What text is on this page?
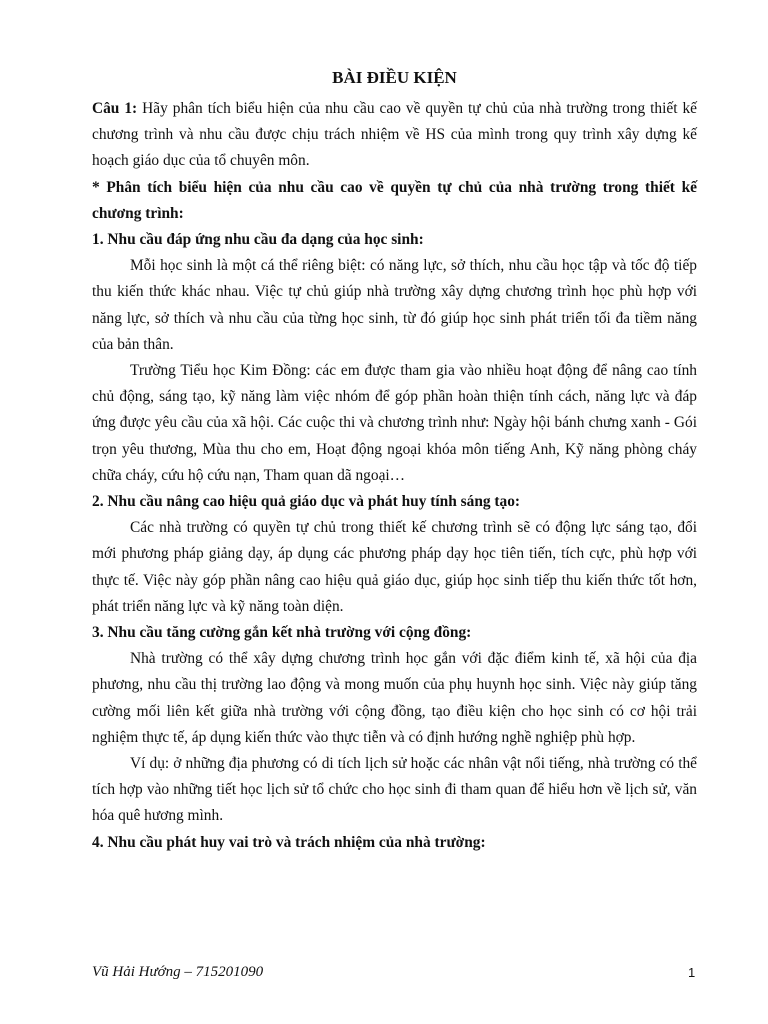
BÀI ĐIỀU KIỆN

Câu 1: Hãy phân tích biểu hiện của nhu cầu cao về quyền tự chủ của nhà trường trong thiết kế chương trình và nhu cầu được chịu trách nhiệm về HS của mình trong quy trình xây dựng kế hoạch giáo dục của tổ chuyên môn.

* Phân tích biểu hiện của nhu cầu cao về quyền tự chủ của nhà trường trong thiết kế chương trình:

1. Nhu cầu đáp ứng nhu cầu đa dạng của học sinh:

Mỗi học sinh là một cá thể riêng biệt: có năng lực, sở thích, nhu cầu học tập và tốc độ tiếp thu kiến thức khác nhau. Việc tự chủ giúp nhà trường xây dựng chương trình học phù hợp với năng lực, sở thích và nhu cầu của từng học sinh, từ đó giúp học sinh phát triển tối đa tiềm năng của bản thân.

Trường Tiểu học Kim Đồng: các em được tham gia vào nhiều hoạt động để nâng cao tính chủ động, sáng tạo, kỹ năng làm việc nhóm để góp phần hoàn thiện tính cách, năng lực và đáp ứng được yêu cầu của xã hội. Các cuộc thi và chương trình như: Ngày hội bánh chưng xanh - Gói trọn yêu thương, Mùa thu cho em, Hoạt động ngoại khóa môn tiếng Anh, Kỹ năng phòng cháy chữa cháy, cứu hộ cứu nạn, Tham quan dã ngoại…

2. Nhu cầu nâng cao hiệu quả giáo dục và phát huy tính sáng tạo:

Các nhà trường có quyền tự chủ trong thiết kế chương trình sẽ có động lực sáng tạo, đổi mới phương pháp giảng dạy, áp dụng các phương pháp dạy học tiên tiến, tích cực, phù hợp với thực tế. Việc này góp phần nâng cao hiệu quả giáo dục, giúp học sinh tiếp thu kiến thức tốt hơn, phát triển năng lực và kỹ năng toàn diện.

3. Nhu cầu tăng cường gắn kết nhà trường với cộng đồng:

Nhà trường có thể xây dựng chương trình học gắn với đặc điểm kinh tế, xã hội của địa phương, nhu cầu thị trường lao động và mong muốn của phụ huynh học sinh. Việc này giúp tăng cường mối liên kết giữa nhà trường với cộng đồng, tạo điều kiện cho học sinh có cơ hội trải nghiệm thực tế, áp dụng kiến thức vào thực tiễn và có định hướng nghề nghiệp phù hợp.

Ví dụ: ở những địa phương có di tích lịch sử hoặc các nhân vật nổi tiếng, nhà trường có thể tích hợp vào những tiết học lịch sử tổ chức cho học sinh đi tham quan để hiểu hơn về lịch sử, văn hóa quê hương mình.

4. Nhu cầu phát huy vai trò và trách nhiệm của nhà trường:

Vũ Hải Hướng – 715201090	1
